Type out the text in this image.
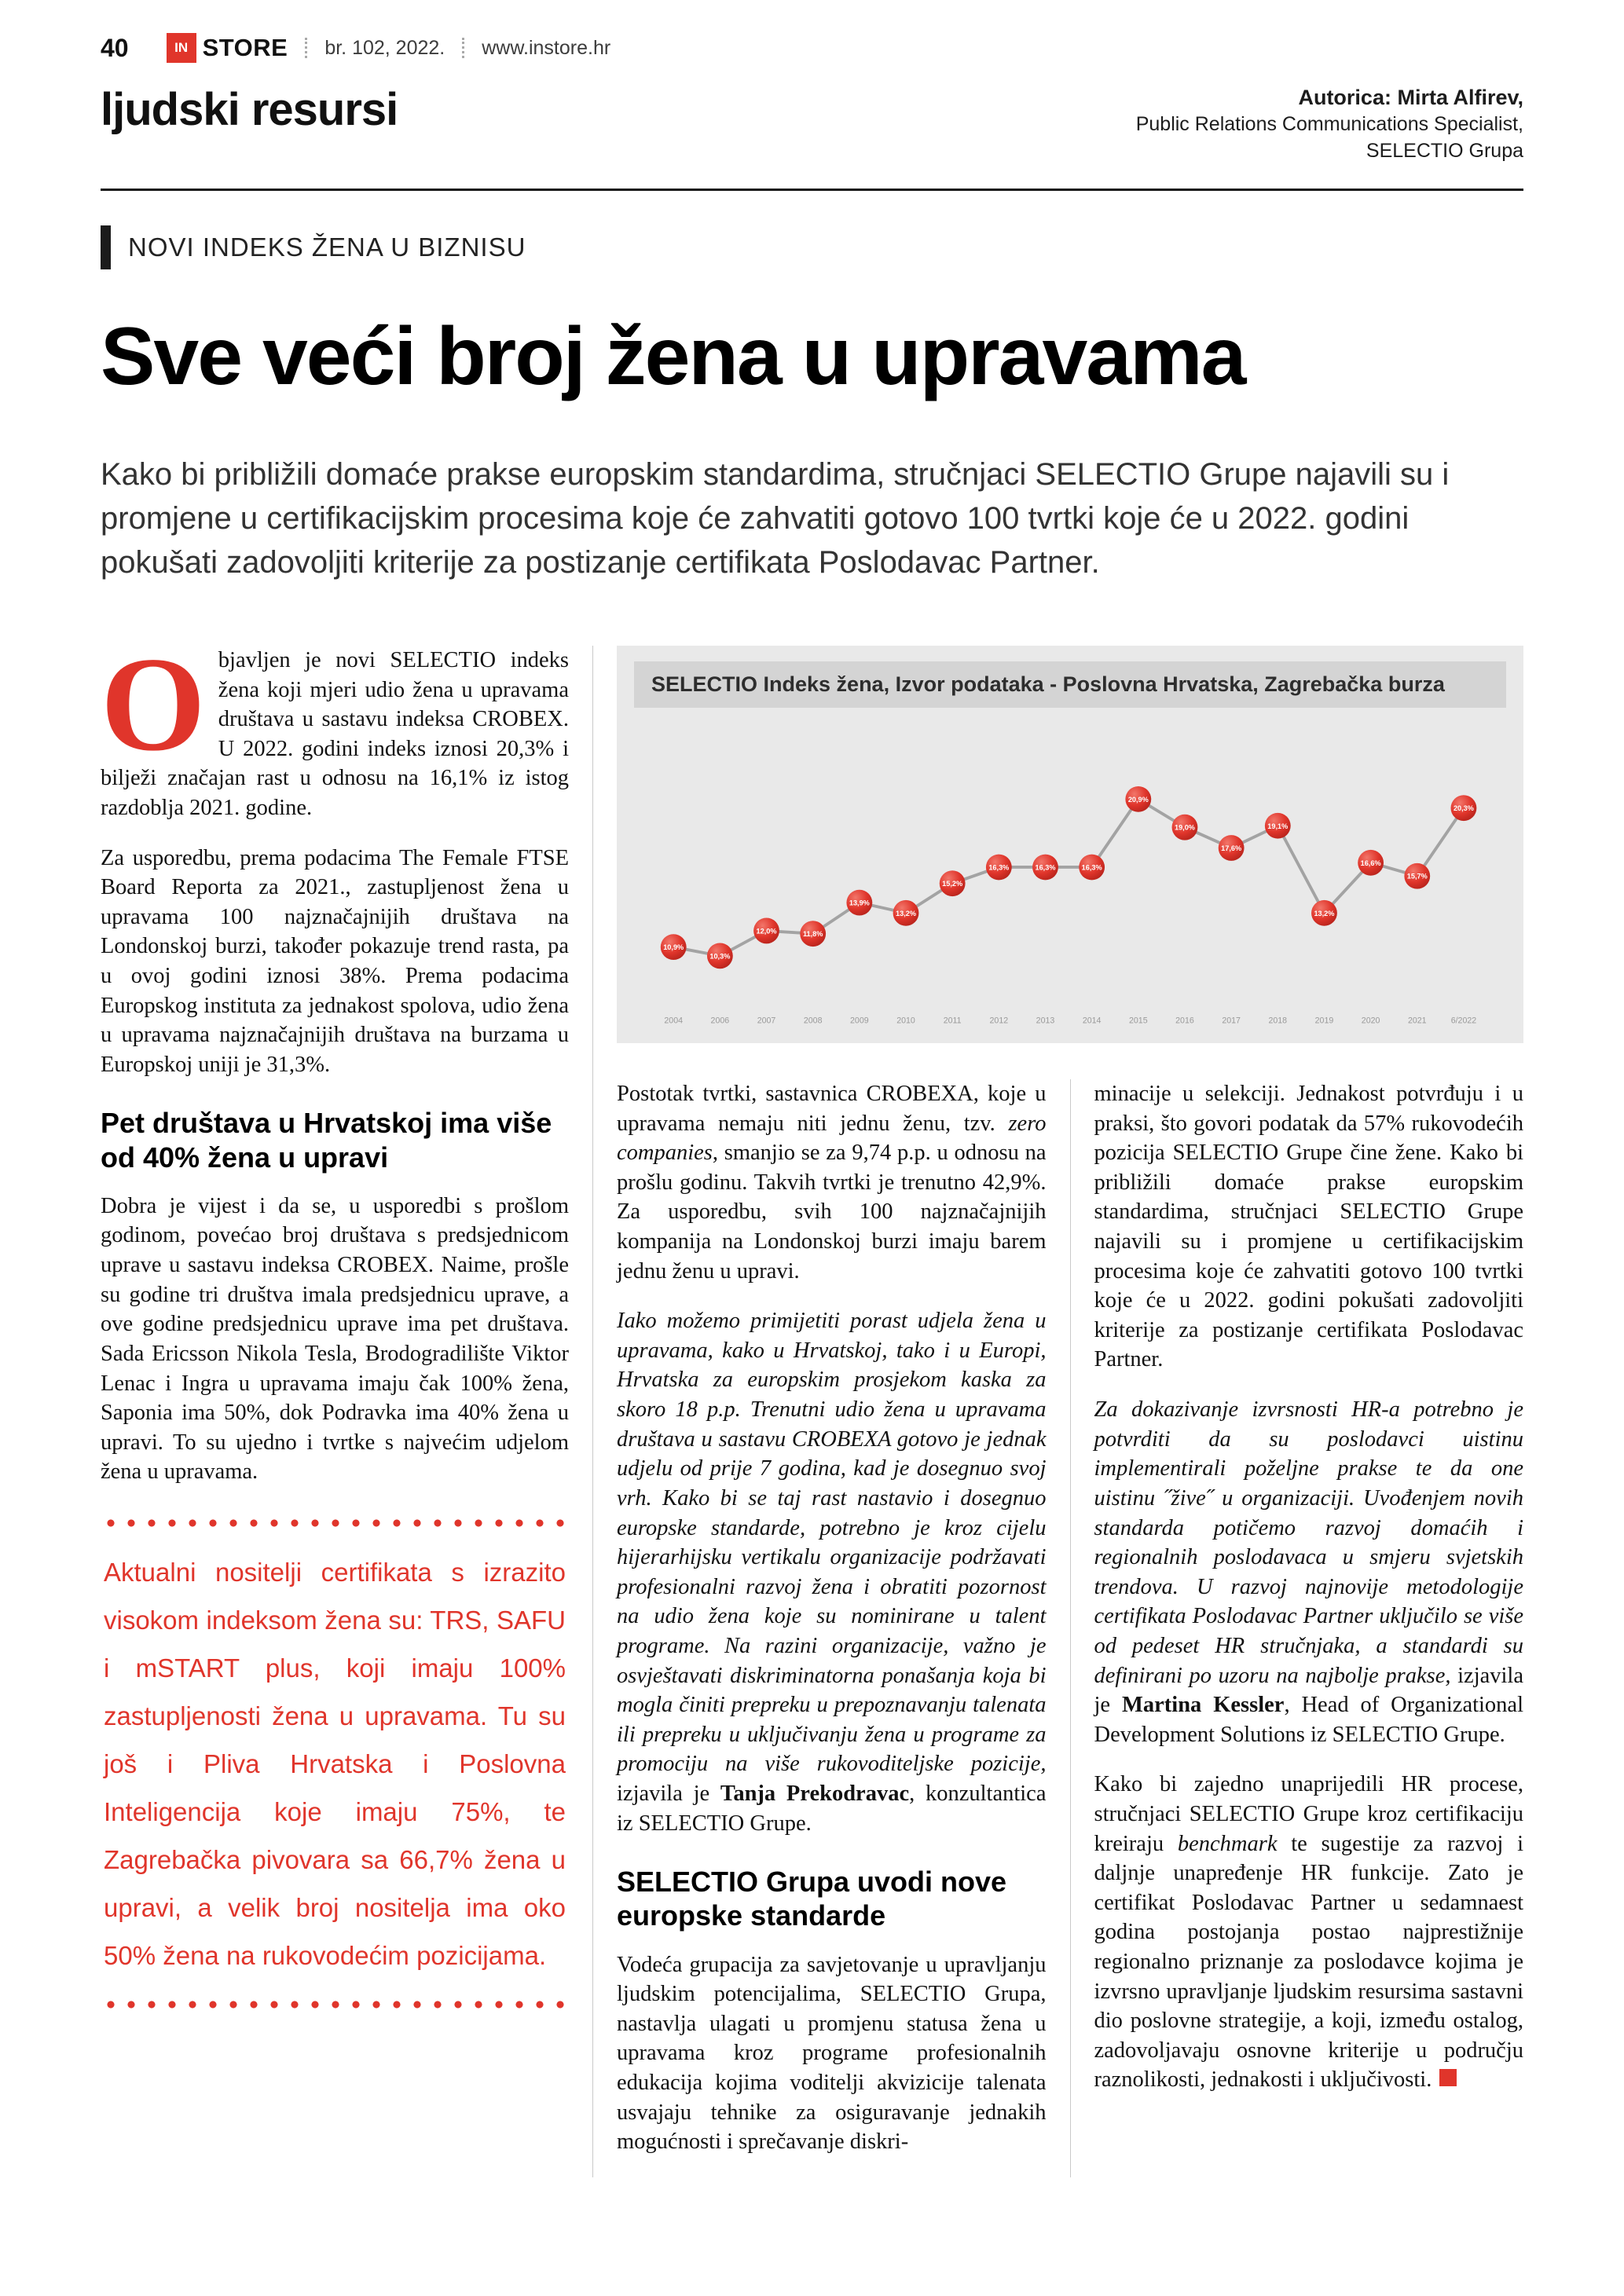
40	IN STORE br. 102, 2022. www.instore.hr
ljudski resursi	Autorica: Mirta Alfirev,
Public Relations Communications Specialist,
SELECTIO Grupa
NOVI INDEKS ŽENA U BIZNISU
Sve veći broj žena u upravama
Kako bi približili domaće prakse europskim standardima, stručnjaci SELECTIO Grupe najavili su i promjene u certifikacijskim procesima koje će zahvatiti gotovo 100 tvrtki koje će u 2022. godini pokušati zadovoljiti kriterije za postizanje certifikata Poslodavac Partner.

Objavljen je novi SELECTIO indeks žena koji mjeri udio žena u upravama društava u sastavu indeksa CROBEX. U 2022. godini indeks iznosi 20,3% i bilježi značajan rast u odnosu na 16,1% iz istog razdoblja 2021. godine.

Za usporedbu, prema podacima The Female FTSE Board Reporta za 2021., zastupljenost žena u upravama 100 najznačajnijih društava na Londonskoj burzi, također pokazuje trend rasta, pa u ovoj godini iznosi 38%. Prema podacima Europskog instituta za jednakost spolova, udio žena u upravama najznačajnijih društava na burzama u Europskoj uniji je 31,3%.

Pet društava u Hrvatskoj ima više od 40% žena u upravi

Dobra je vijest i da se, u usporedbi s prošlom godinom, povećao broj društava s predsjednicom uprave u sastavu indeksa CROBEX. Naime, prošle su godine tri društva imala predsjednicu uprave, a ove godine predsjednicu uprave ima pet društava. Sada Ericsson Nikola Tesla, Brodogradilište Viktor Lenac i Ingra u upravama imaju čak 100% žena, Saponia ima 50%, dok Podravka ima 40% žena u upravi. To su ujedno i tvrtke s najvećim udjelom žena u upravama.

Aktualni nositelji certifikata s izrazito visokom indeksom žena su: TRS, SAFU i mSTART plus, koji imaju 100% zastupljenosti žena u upravama. Tu su još i Pliva Hrvatska i Poslovna Inteligencija koje imaju 75%, te Zagrebačka pivovara sa 66,7% žena u upravi, a velik broj nositelja ima oko 50% žena na rukovodećim pozicijama.

SELECTIO Indeks žena, Izvor podataka - Poslovna Hrvatska, Zagrebačka burza
10,9%
2004
10,3%
2006
12,0%
2007
11,8%
2008
13,9%
2009
13,2%
2010
15,2%
2011
16,3%
2012
16,3%
2013
16,3%
2014
20,9%
2015
19,0%
2016
17,6%
2017
19,1%
2018
13,2%
2019
16,6%
2020
15,7%
2021
20,3%
6/2022

Postotak tvrtki, sastavnica CROBEXA, koje u upravama nemaju niti jednu ženu, tzv. zero companies, smanjio se za 9,74 p.p. u odnosu na prošlu godinu. Takvih tvrtki je trenutno 42,9%. Za usporedbu, svih 100 najznačajnijih kompanija na Londonskoj burzi imaju barem jednu ženu u upravi.

Iako možemo primijetiti porast udjela žena u upravama, kako u Hrvatskoj, tako i u Europi, Hrvatska za europskim prosjekom kaska za skoro 18 p.p. Trenutni udio žena u upravama društava u sastavu CROBEXA gotovo je jednak udjelu od prije 7 godina, kad je dosegnuo svoj vrh. Kako bi se taj rast nastavio i dosegnuo europske standarde, potrebno je kroz cijelu hijerarhijsku vertikalu organizacije podržavati profesionalni razvoj žena i obratiti pozornost na udio žena koje su nominirane u talent programe. Na razini organizacije, važno je osvještavati diskriminatorna ponašanja koja bi mogla činiti prepreku u prepoznavanju talenata ili prepreku u uključivanju žena u programe za promociju na više rukovoditeljske pozicije, izjavila je Tanja Prekodravac, konzultantica iz SELECTIO Grupe.

SELECTIO Grupa uvodi nove europske standarde

Vodeća grupacija za savjetovanje u upravljanju ljudskim potencijalima, SELECTIO Grupa, nastavlja ulagati u promjenu statusa žena u upravama kroz programe profesionalnih edukacija kojima voditelji akvizicije talenata usvajaju tehnike za osiguravanje jednakih mogućnosti i sprečavanje diskri-

minacije u selekciji. Jednakost potvrđuju i u praksi, što govori podatak da 57% rukovodećih pozicija SELECTIO Grupe čine žene. Kako bi približili domaće prakse europskim standardima, stručnjaci SELECTIO Grupe najavili su i promjene u certifikacijskim procesima koje će zahvatiti gotovo 100 tvrtki koje će u 2022. godini pokušati zadovoljiti kriterije za postizanje certifikata Poslodavac Partner.

Za dokazivanje izvrsnosti HR-a potrebno je potvrditi da su poslodavci uistinu implementirali poželjne prakse te da one uistinu ˝žive˝ u organizaciji. Uvođenjem novih standarda potičemo razvoj domaćih i regionalnih poslodavaca u smjeru svjetskih trendova. U razvoj najnovije metodologije certifikata Poslodavac Partner uključilo se više od pedeset HR stručnjaka, a standardi su definirani po uzoru na najbolje prakse, izjavila je Martina Kessler, Head of Organizational Development Solutions iz SELECTIO Grupe.

Kako bi zajedno unaprijedili HR procese, stručnjaci SELECTIO Grupe kroz certifikaciju kreiraju benchmark te sugestije za razvoj i daljnje unapređenje HR funkcije. Zato je certifikat Poslodavac Partner u sedamnaest godina postojanja postao najprestižnije regionalno priznanje za poslodavce kojima je izvrsno upravljanje ljudskim resursima sastavni dio poslovne strategije, a koji, između ostalog, zadovoljavaju osnovne kriterije u području raznolikosti, jednakosti i uključivosti.
